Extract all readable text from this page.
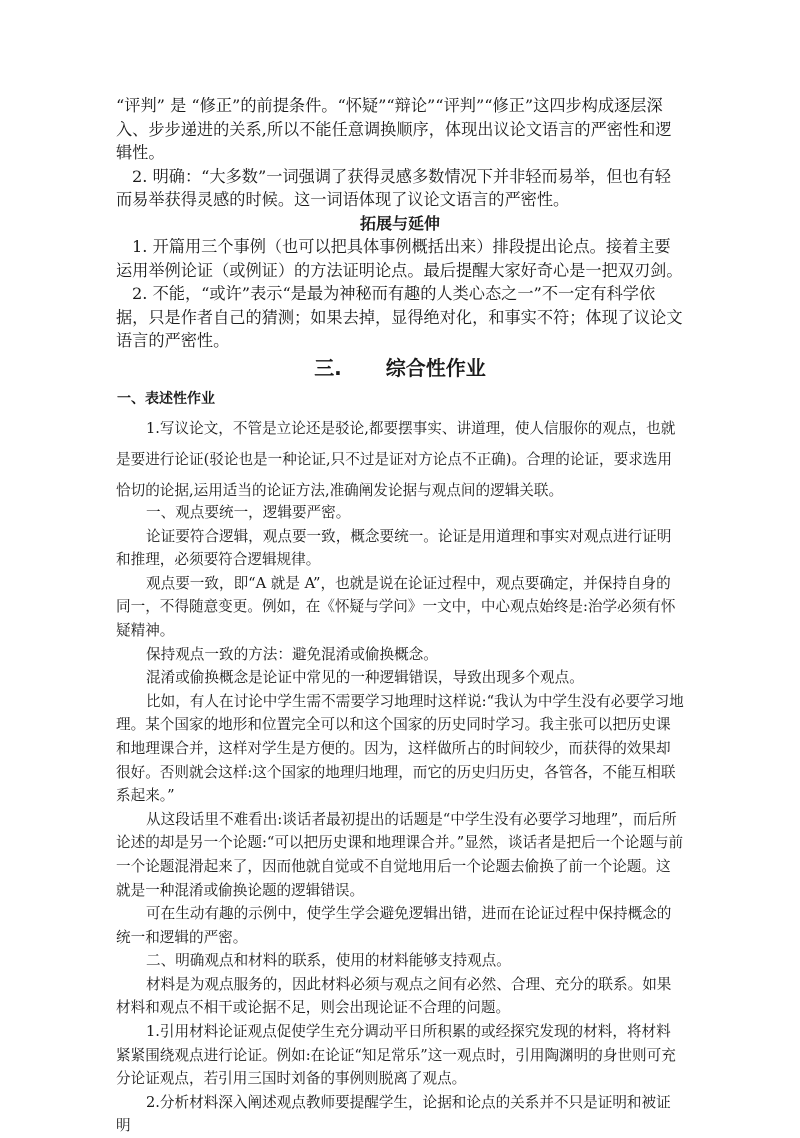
“评判” 是 “修正”的前提条件。“怀疑”“辩论”“评判”“修正”这四步构成逐层深入、步步递进的关系,所以不能任意调换顺序，体现出议论文语言的严密性和逻辑性。

2. 明确：“大多数”一词强调了获得灵感多数情况下并非轻而易举，但也有轻而易举获得灵感的时候。这一词语体现了议论文语言的严密性。

拓展与延伸

1. 开篇用三个事例（也可以把具体事例概括出来）排段提出论点。接着主要运用举例论证（或例证）的方法证明论点。最后提醒大家好奇心是一把双刃剑。

2. 不能，“或许”表示“是最为神秘而有趣的人类心态之一”不一定有科学依据，只是作者自己的猜测；如果去掉，显得绝对化，和事实不符；体现了议论文语言的严密性。

三. 综合性作业
一、表述性作业

1.写议论文，不管是立论还是驳论,都要摆事实、讲道理，使人信服你的观点，也就是要进行论证(驳论也是一种论证,只不过是证对方论点不正确)。合理的论证，要求选用恰切的论据,运用适当的论证方法,准确阐发论据与观点间的逻辑关联。

一、观点要统一，逻辑要严密。

论证要符合逻辑，观点要一致，概念要统一。论证是用道理和事实对观点进行证明和推理，必须要符合逻辑规律。

观点要一致，即“A 就是 A”，也就是说在论证过程中，观点要确定，并保持自身的同一，不得随意变更。例如，在《怀疑与学问》一文中，中心观点始终是:治学必须有怀疑精神。

保持观点一致的方法：避免混淆或偷换概念。

混淆或偷换概念是论证中常见的一种逻辑错误，导致出现多个观点。

比如，有人在讨论中学生需不需要学习地理时这样说:“我认为中学生没有必要学习地理。某个国家的地形和位置完全可以和这个国家的历史同时学习。我主张可以把历史课和地理课合并，这样对学生是方便的。因为，这样做所占的时间较少，而获得的效果却很好。否则就会这样:这个国家的地理归地理，而它的历史归历史，各管各，不能互相联系起来。”

从这段话里不难看出:谈话者最初提出的话题是“中学生没有必要学习地理”，而后所论述的却是另一个论题:“可以把历史课和地理课合并。”显然，谈话者是把后一个论题与前一个论题混滑起来了，因而他就自觉或不自觉地用后一个论题去偷换了前一个论题。这就是一种混淆或偷换论题的逻辑错误。

可在生动有趣的示例中，使学生学会避免逻辑出错，进而在论证过程中保持概念的统一和逻辑的严密。

二、明确观点和材料的联系，使用的材料能够支持观点。

材料是为观点服务的，因此材料必须与观点之间有必然、合理、充分的联系。如果材料和观点不相干或论据不足，则会出现论证不合理的问题。

1.引用材料论证观点促使学生充分调动平日所积累的或经探究发现的材料，将材料紧紧围绕观点进行论证。例如:在论证“知足常乐”这一观点时，引用陶渊明的身世则可充分论证观点，若引用三国时刘备的事例则脱离了观点。

2.分析材料深入阐述观点教师要提醒学生，论据和论点的关系并不只是证明和被证明
